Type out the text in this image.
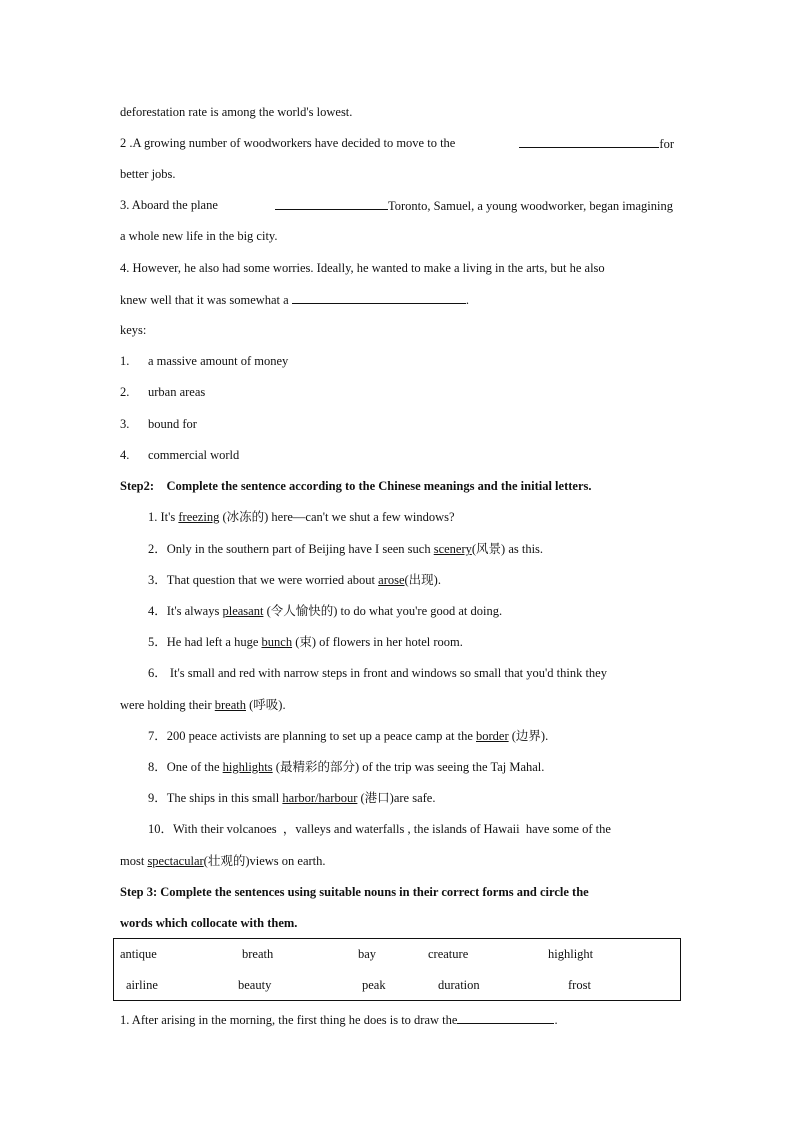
deforestation rate is among the world's lowest.
2 .A growing number of woodworkers have decided to move to the	for
better jobs.
3. Aboard the plane	Toronto, Samuel, a young woodworker, began imagining
a whole new life in the big city.
4. However, he also had some worries. Ideally, he wanted to make a living in the arts, but he also
knew well that it was somewhat a	.
keys:
1. a massive amount of money
2. urban areas
3. bound for
4. commercial world
Step2:    Complete the sentence according to the Chinese meanings and the initial letters.
1. It's freezing (冰冻的) here—can't we shut a few windows?
2．Only in the southern part of Beijing have I seen such scenery(风景) as this.
3．That question that we were worried about arose(出现).
4．It's always pleasant (令人愉快的) to do what you're good at doing.
5．He had left a huge bunch (束) of flowers in her hotel room.
6． It's small and red with narrow steps in front and windows so small that you'd think they
were holding their breath (呼吸).
7．200 peace activists are planning to set up a peace camp at the border (边界).
8．One of the highlights (最精彩的部分) of the trip was seeing the Taj Mahal.
9．The ships in this small harbor/harbour (港口)are safe.
10．With their volcanoes  ，valleys and waterfalls , the islands of Hawaii  have some of the
most spectacular(壮观的)views on earth.
Step 3: Complete the sentences using suitable nouns in their correct forms and circle the
words which collocate with them.
antique	breath	bay	creature	highlight
airline	beauty	peak	duration	frost
1. After arising in the morning, the first thing he does is to draw the	.
